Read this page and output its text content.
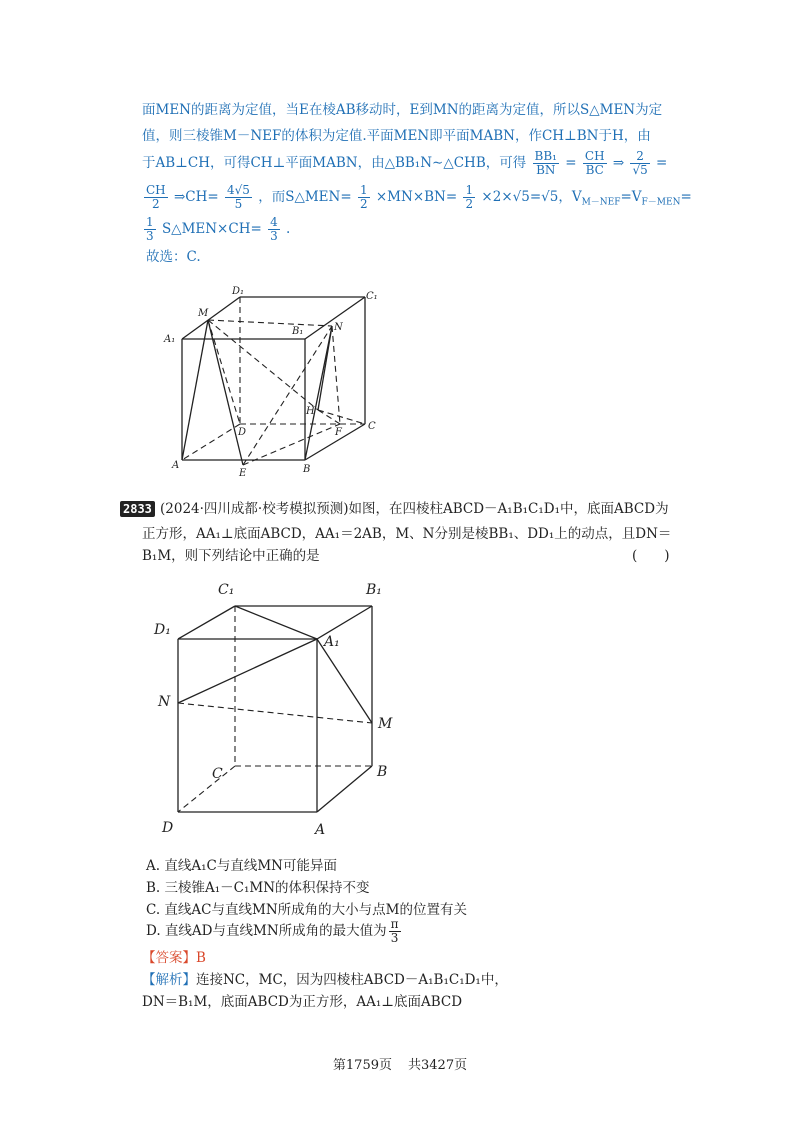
面MEN的距离为定值，当E在棱AB移动时，E到MN的距离为定值，所以S△MEN为定
值，则三棱锥M－NEF的体积为定值.平面MEN即平面MABN，作CH⊥BN于H，由
于AB⊥CH，可得CH⊥平面MABN，由△BB₁N∼△CHB，可得 $\frac{\text{BB₁}}{BN} = \frac{CH}{BC}$ ⇒ $\frac{2}{√5}$ =
$\frac{CH}{2}$ ⇒CH= $\frac{4√5}{5}$ ，而S△MEN= $\frac{1}{2} \times MN\times BN= \frac{1}{2} \times 2\times√5=√5$，$V_{M-NEF}=V_{F-MEN}=$
$\frac{1}{3}$ S△MEN×CH= $\frac{4}{3}$ .
故选：C.
D₁	C₁
M
B₁	N
A₁
H
D	F
C
A
E	B
2833 (2024·四川成都·校考模拟预测)如图，在四棱柱ABCD－A₁B₁C₁D₁中，底面ABCD为
正方形，AA₁⊥底面ABCD，AA₁＝2AB，M、N分别是棱BB₁、DD₁上的动点，且DN＝
B₁M，则下列结论中正确的是	(　　)
C₁	B₁
D₁
A₁
N
M
C	B
D	A
A. 直线A₁C与直线MN可能异面
B. 三棱锥A₁－C₁MN的体积保持不变
C. 直线AC与直线MN所成角的大小与点M的位置有关
D. 直线AD与直线MN所成角的最大值为 $\frac{\pi}{3}$
【答案】B
【解析】连接NC，MC，因为四棱柱ABCD－A₁B₁C₁D₁中，
DN＝B₁M，底面ABCD为正方形，AA₁⊥底面ABCD
第1759页 共3427页
